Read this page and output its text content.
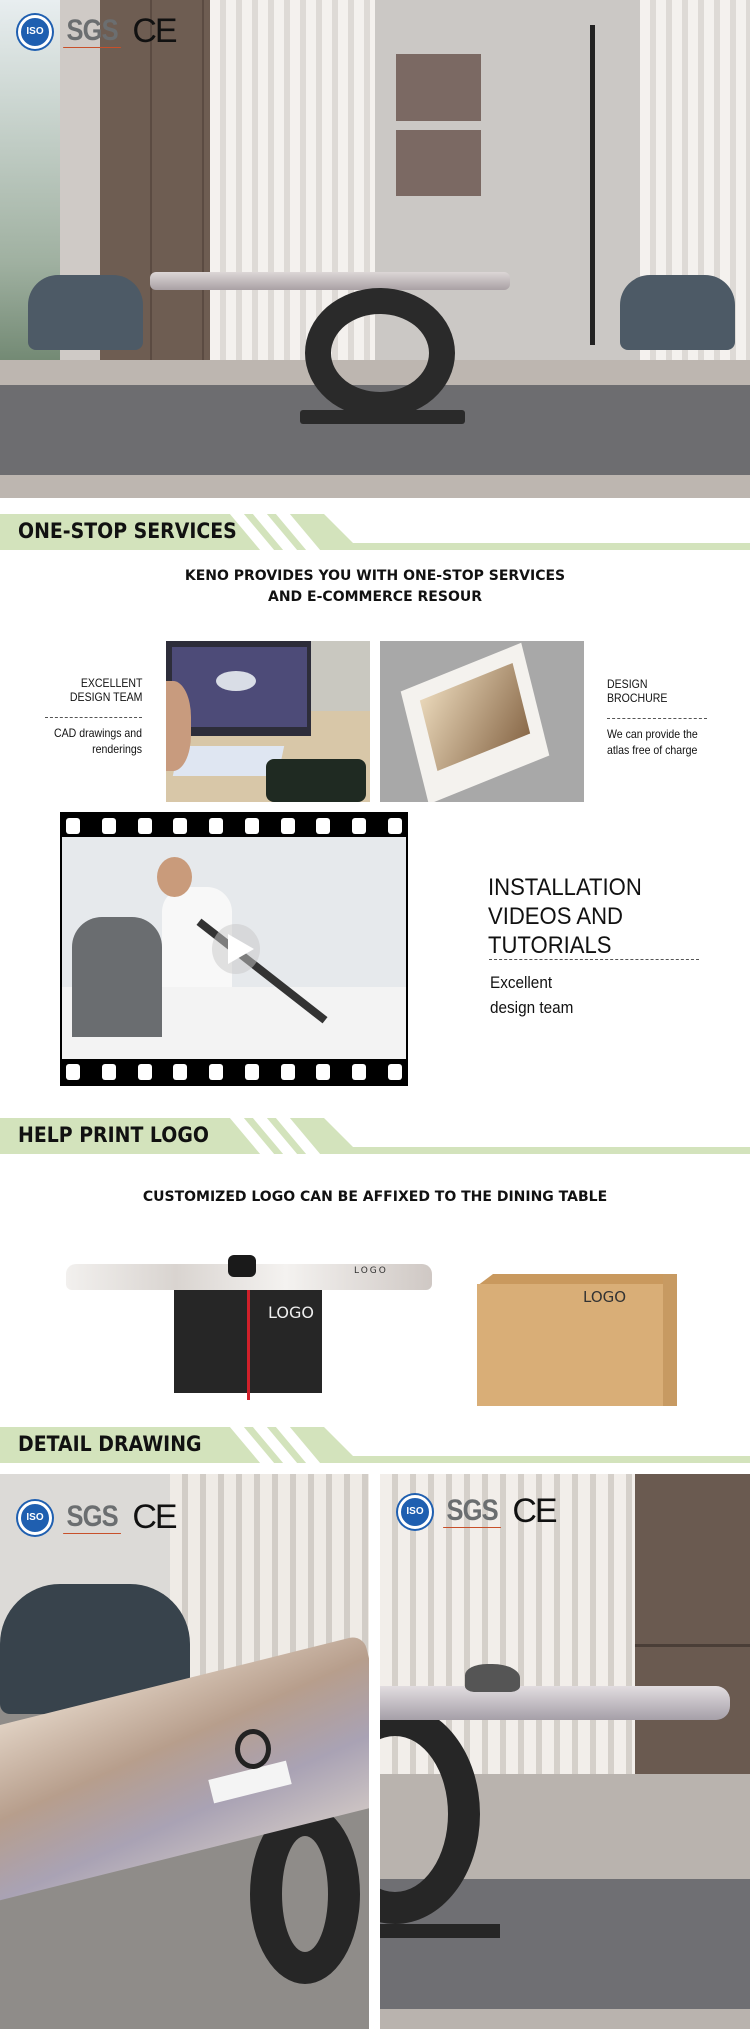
ISO SGS CE
ONE-STOP SERVICES
KENO PROVIDES YOU WITH ONE-STOP SERVICES
AND E-COMMERCE RESOUR
EXCELLENT
DESIGN TEAM
CAD drawings and
renderings
DESIGN
BROCHURE
We can provide the
atlas free of charge
INSTALLATION
VIDEOS AND
TUTORIALS
Excellent
design team
HELP PRINT LOGO
CUSTOMIZED LOGO CAN BE AFFIXED TO THE DINING TABLE
LOGO
LOGO
LOGO
DETAIL DRAWING
ISO SGS CE	ISO SGS CE
